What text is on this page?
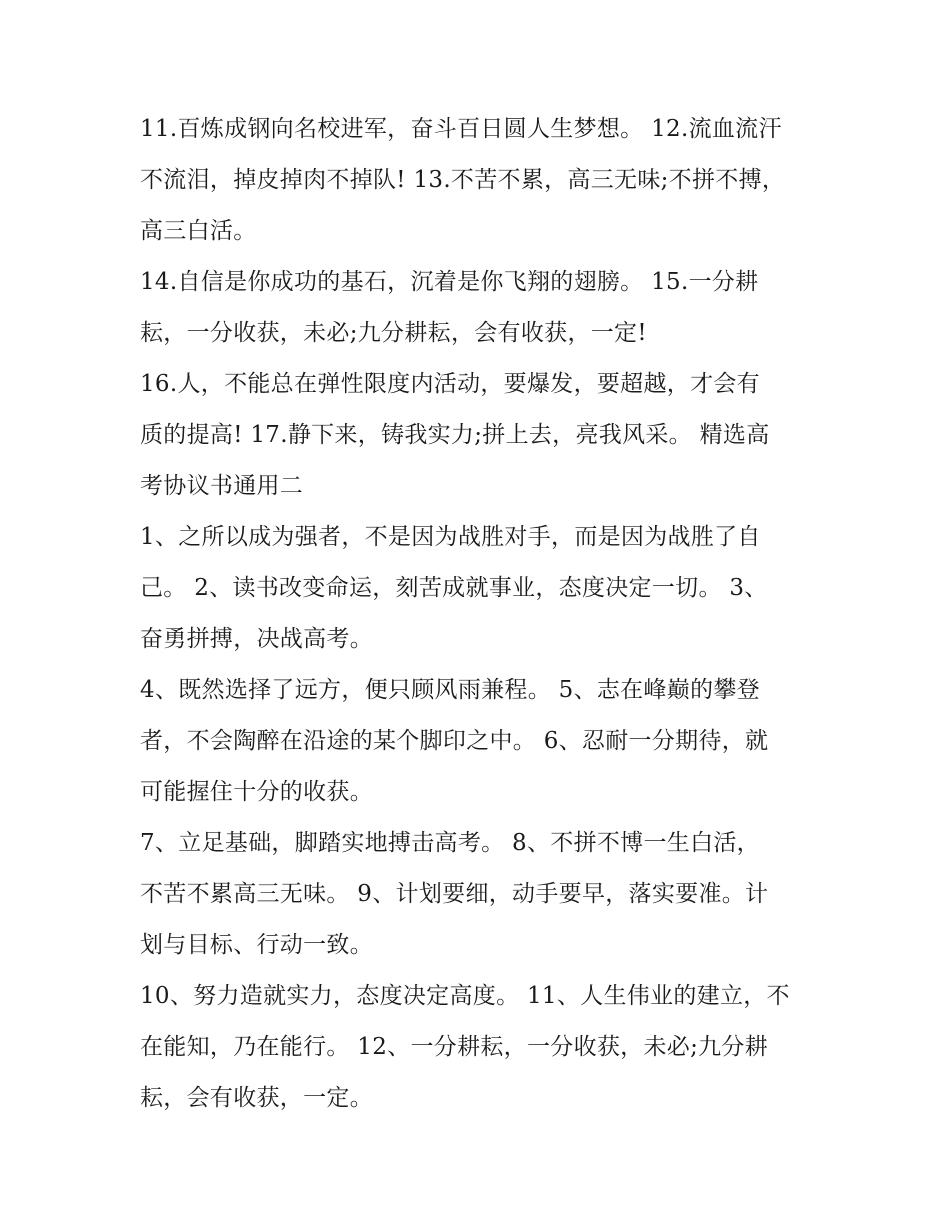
11.百炼成钢向名校进军，奋斗百日圆人生梦想。 12.流血流汗
不流泪，掉皮掉肉不掉队! 13.不苦不累，高三无味;不拼不搏，
高三白活。
14.自信是你成功的基石，沉着是你飞翔的翅膀。 15.一分耕
耘，一分收获，未必;九分耕耘，会有收获，一定!
16.人，不能总在弹性限度内活动，要爆发，要超越，才会有
质的提高! 17.静下来，铸我实力;拼上去，亮我风采。 精选高
考协议书通用二
1、之所以成为强者，不是因为战胜对手，而是因为战胜了自
己。 2、读书改变命运，刻苦成就事业，态度决定一切。 3、
奋勇拼搏，决战高考。
4、既然选择了远方，便只顾风雨兼程。 5、志在峰巅的攀登
者，不会陶醉在沿途的某个脚印之中。 6、忍耐一分期待，就
可能握住十分的收获。
7、立足基础，脚踏实地搏击高考。 8、不拼不博一生白活，
不苦不累高三无味。 9、计划要细，动手要早，落实要准。计
划与目标、行动一致。
10、努力造就实力，态度决定高度。 11、人生伟业的建立，不
在能知，乃在能行。 12、一分耕耘，一分收获，未必;九分耕
耘，会有收获，一定。
